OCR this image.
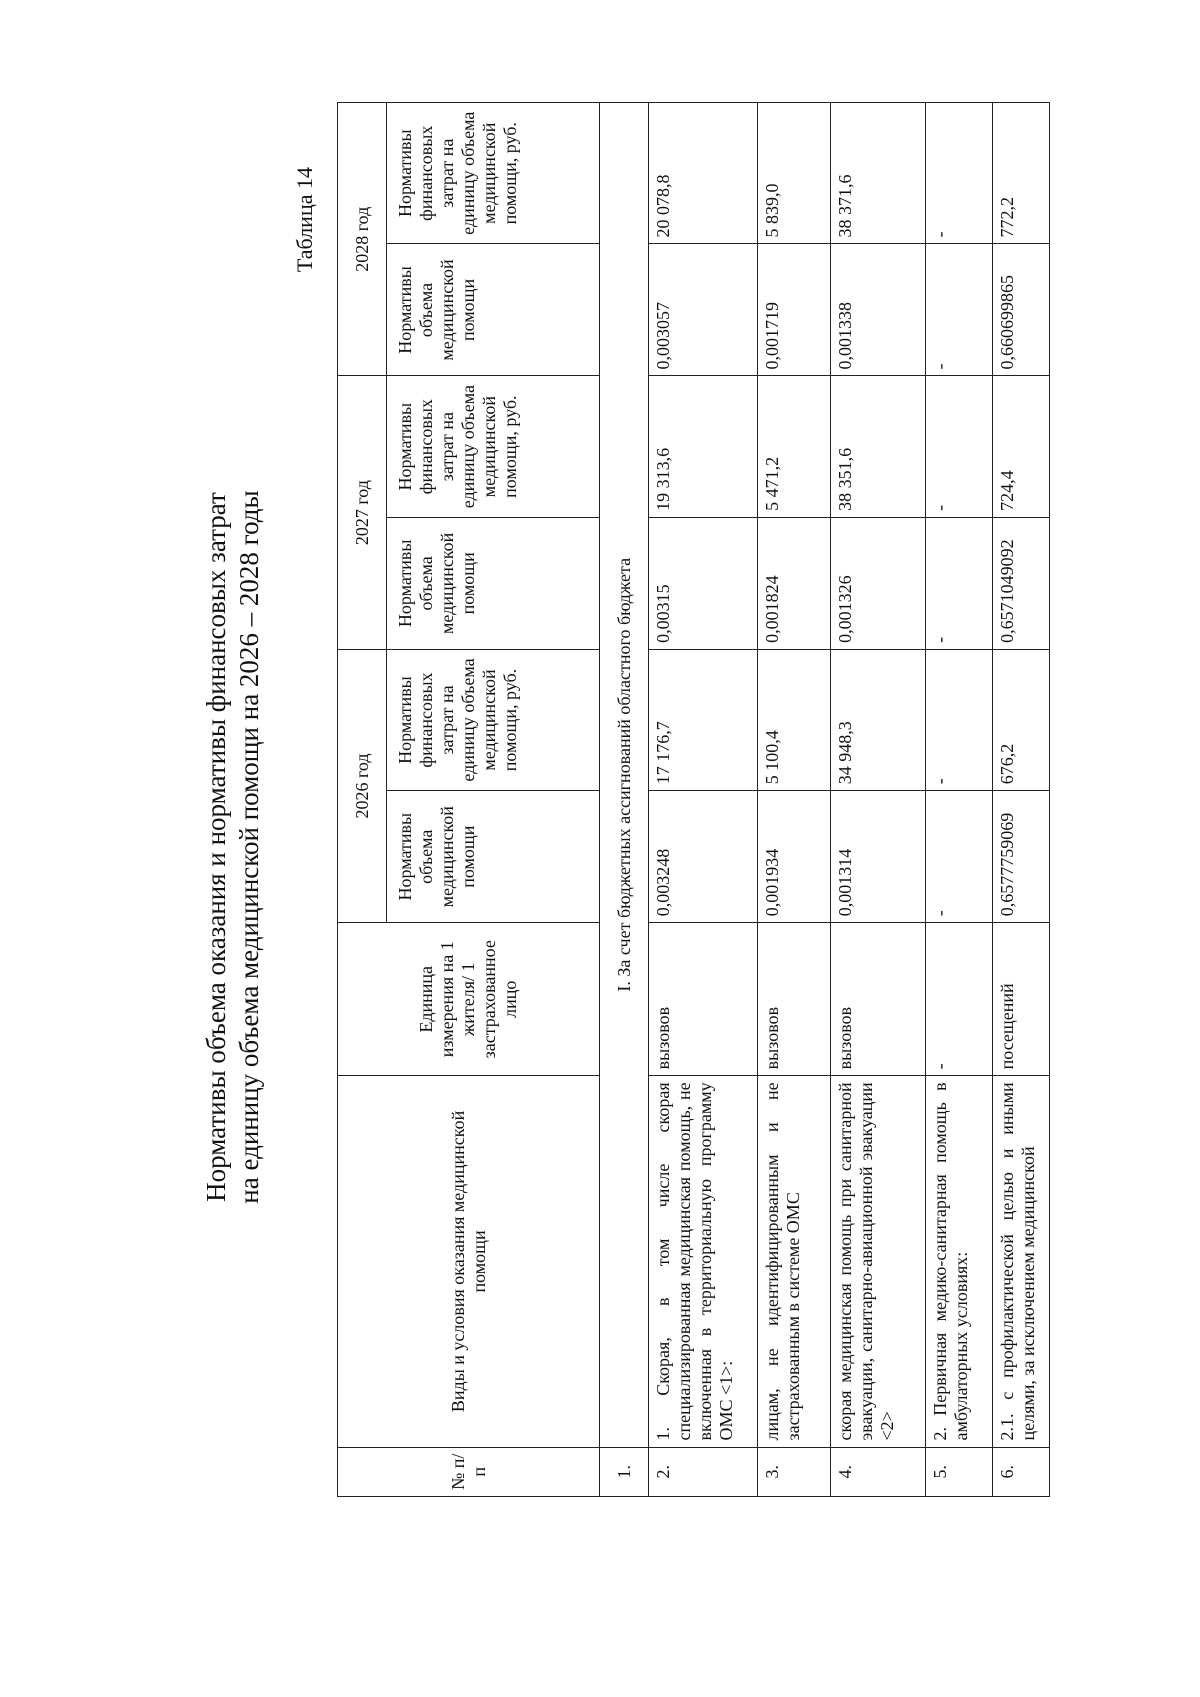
Нормативы объема оказания и нормативы финансовых затрат на единицу объема медицинской помощи на 2026 – 2028 годы
Таблица 14
№ п/п	Виды и условия оказания медицинской помощи	Единица измерения на 1 жителя/ 1 застрахованное лицо	2026 год		2027 год		2028 год	
			Нормативы объема медицинской помощи	Нормативы финансовых затрат на единицу объема медицинской помощи, руб.	Нормативы объема медицинской помощи	Нормативы финансовых затрат на единицу объема медицинской помощи, руб.	Нормативы объема медицинской помощи	Нормативы финансовых затрат на единицу объема медицинской помощи, руб.
1.	I. За счет бюджетных ассигнований областного бюджета							
2.	1. Скорая, в том числе скорая специализированная медицинская помощь, не включенная в территориальную программу ОМС <1>:	вызовов	0,003248	17 176,7	0,00315	19 313,6	0,003057	20 078,8
3.	лицам, не идентифицированным и не застрахованным в системе ОМС	вызовов	0,001934	5 100,4	0,001824	5 471,2	0,001719	5 839,0
4.	скорая медицинская помощь при санитарной эвакуации, санитарно-авиационной эвакуации <2>	вызовов	0,001314	34 948,3	0,001326	38 351,6	0,001338	38 371,6
5.	2. Первичная медико-санитарная помощь в амбулаторных условиях:	-	-	-	-	-	-	-
6.	2.1. с профилактической целью и иными целями, за исключением медицинской	посещений	0,6577759069	676,2	0,6571049092	724,4	0,660699865	772,2
